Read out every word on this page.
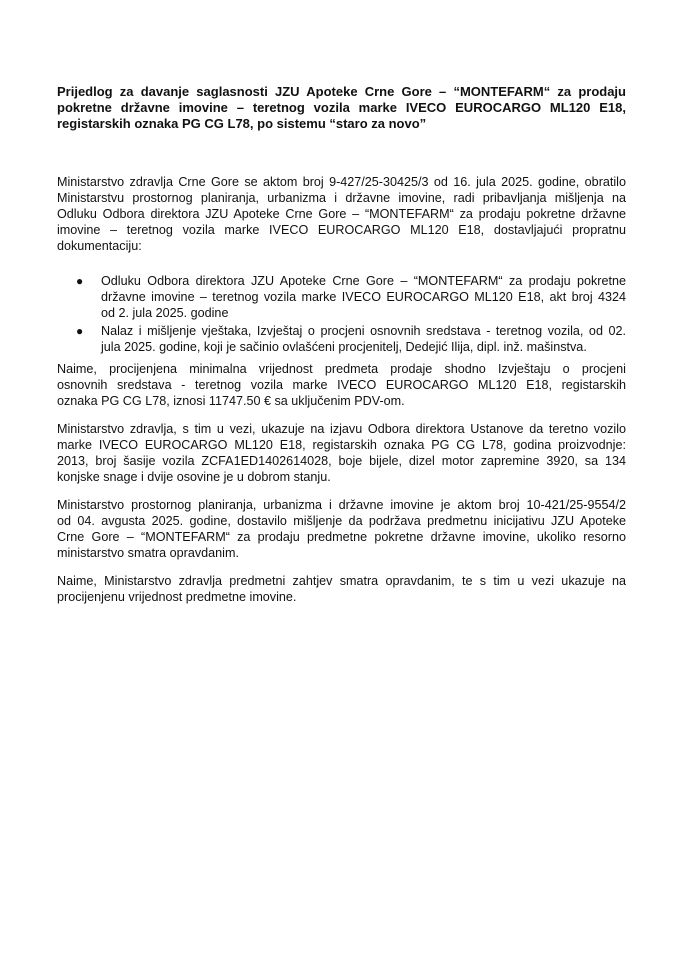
Prijedlog za davanje saglasnosti JZU Apoteke Crne Gore – “MONTEFARM“ za prodaju
pokretne državne imovine – teretnog vozila marke IVECO EUROCARGO ML120 E18,
registarskih oznaka PG CG L78, po sistemu “staro za novo”
Ministarstvo zdravlja Crne Gore se aktom broj 9-427/25-30425/3 od 16. jula 2025. godine, obratilo
Ministarstvu prostornog planiranja, urbanizma i državne imovine, radi pribavljanja mišljenja na
Odluku Odbora direktora JZU Apoteke Crne Gore – “MONTEFARM“ za prodaju pokretne državne
imovine – teretnog vozila marke IVECO EUROCARGO ML120 E18, dostavljajući propratnu
dokumentaciju:
● Odluku Odbora direktora JZU Apoteke Crne Gore – “MONTEFARM“ za prodaju pokretne
državne imovine – teretnog vozila marke IVECO EUROCARGO ML120 E18, akt broj 4324
od 2. jula 2025. godine
● Nalaz i mišljenje vještaka, Izvještaj o procjeni osnovnih sredstava - teretnog vozila, od 02.
jula 2025. godine, koji je sačinio ovlašćeni procjenitelj, Dedejić Ilija, dipl. inž. mašinstva.
Naime, procijenjena minimalna vrijednost predmeta prodaje shodno Izvještaju o procjeni
osnovnih sredstava - teretnog vozila marke IVECO EUROCARGO ML120 E18, registarskih
oznaka PG CG L78, iznosi 11747.50 € sa uključenim PDV-om.
Ministarstvo zdravlja, s tim u vezi, ukazuje na izjavu Odbora direktora Ustanove da teretno vozilo
marke IVECO EUROCARGO ML120 E18, registarskih oznaka PG CG L78, godina proizvodnje:
2013, broj šasije vozila ZCFA1ED1402614028, boje bijele, dizel motor zapremine 3920, sa 134
konjske snage i dvije osovine je u dobrom stanju.
Ministarstvo prostornog planiranja, urbanizma i državne imovine je aktom broj 10-421/25-9554/2
od 04. avgusta 2025. godine, dostavilo mišljenje da podržava predmetnu inicijativu JZU Apoteke
Crne Gore – “MONTEFARM“ za prodaju predmetne pokretne državne imovine, ukoliko resorno
ministarstvo smatra opravdanim.
Naime, Ministarstvo zdravlja predmetni zahtjev smatra opravdanim, te s tim u vezi ukazuje na
procijenjenu vrijednost predmetne imovine.
